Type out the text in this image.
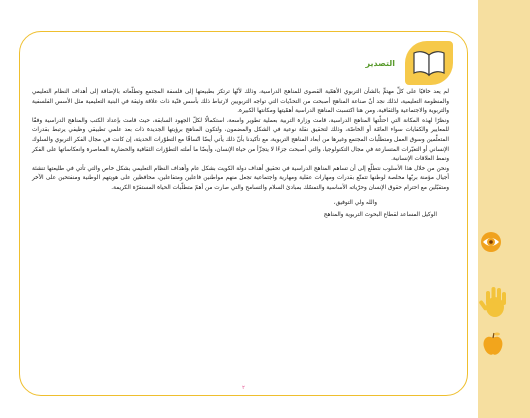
التصدير

لم يعد خافيًا على كلِّ مهتمٍّ بالشأن التربوي الأهمّية القصوى للمناهج الدراسية، وذلك لأنّها ترتكز بطبيعتها إلى فلسفة المجتمع وتطلّعاته بالإضافة إلى أهداف النظام التعليمي والمنظومة التعليمية، لذلك نجد أنّ صناعة المناهج أصبحت من التحدّيات التي تواجه التربويين لارتباط ذلك بأسس فنّية ذات علاقة وثيقة في البنية التعليمية مثل الأسس الفلسفية والتربوية والاجتماعية والثقافية، ومن هنا اكتسبت المناهج الدراسية أهمّيتها ومكانتها الكبيرة.

ونظرًا لهذه المكانة التي احتلّتها المناهج الدراسية، قامت وزارة التربية بعملية تطوير واسعة، استكمالًا لكلّ الجهود السابقة، حيث قامت بإعداد الكتب والمناهج الدراسية وفقًا للمعايير والكفايات سواء العامّة أو الخاصّة، وذلك لتحقيق نقلة نوعية في الشكل والمضمون، ولتكون المناهج برؤيتها الجديدة ذات بعد علمي تطبيقي وظيفي يرتبط بقدرات المتعلّمين وسوق العمل ومتطلّبات المجتمع وغيرها من أبعاد المناهج التربوية، مع تأكيدنا بأنّ ذلك يأتي أيضًا اتّساقًا مع التطوّرات الحديثة، إن كانت في مجال الفكر التربوي والسلوك الإنساني أو التغيّرات المتسارعة في مجال التكنولوجيا، والتي أصبحت جزءًا لا يتجزّأ من حياة الإنسان، وأيضًا ما أملته التطوّرات الثقافية والحضارية المعاصرة وانعكاساتها على الفكر ونمط العلاقات الإنسانية.

ونحن من خلال هذا الأسلوب نتطلّع إلى أن تساهم المناهج الدراسية في تحقيق أهداف دولة الكويت بشكل عام وأهداف النظام التعليمي بشكل خاص والتي تأتي في طليعتها تنشئة أجيال مؤمنة بربّها مخلصة لوطنها تتمتّع بقدرات ومهارات عقلية ومهارية واجتماعية تجعل منهم مواطنين فاعلين ومتفاعلين، محافظين على هويتهم الوطنية ومنفتحين على الآخر ومتقبّلين مع احترام حقوق الإنسان وحرّياته الأساسية والتمسّك بمبادئ السلام والتسامح والتي صارت من أهمّ متطلّبات الحياة المستقرّة الكريمة.

والله ولي التوفيق،

الوكيل المساعد لقطاع البحوث التربوية والمناهج

٢
